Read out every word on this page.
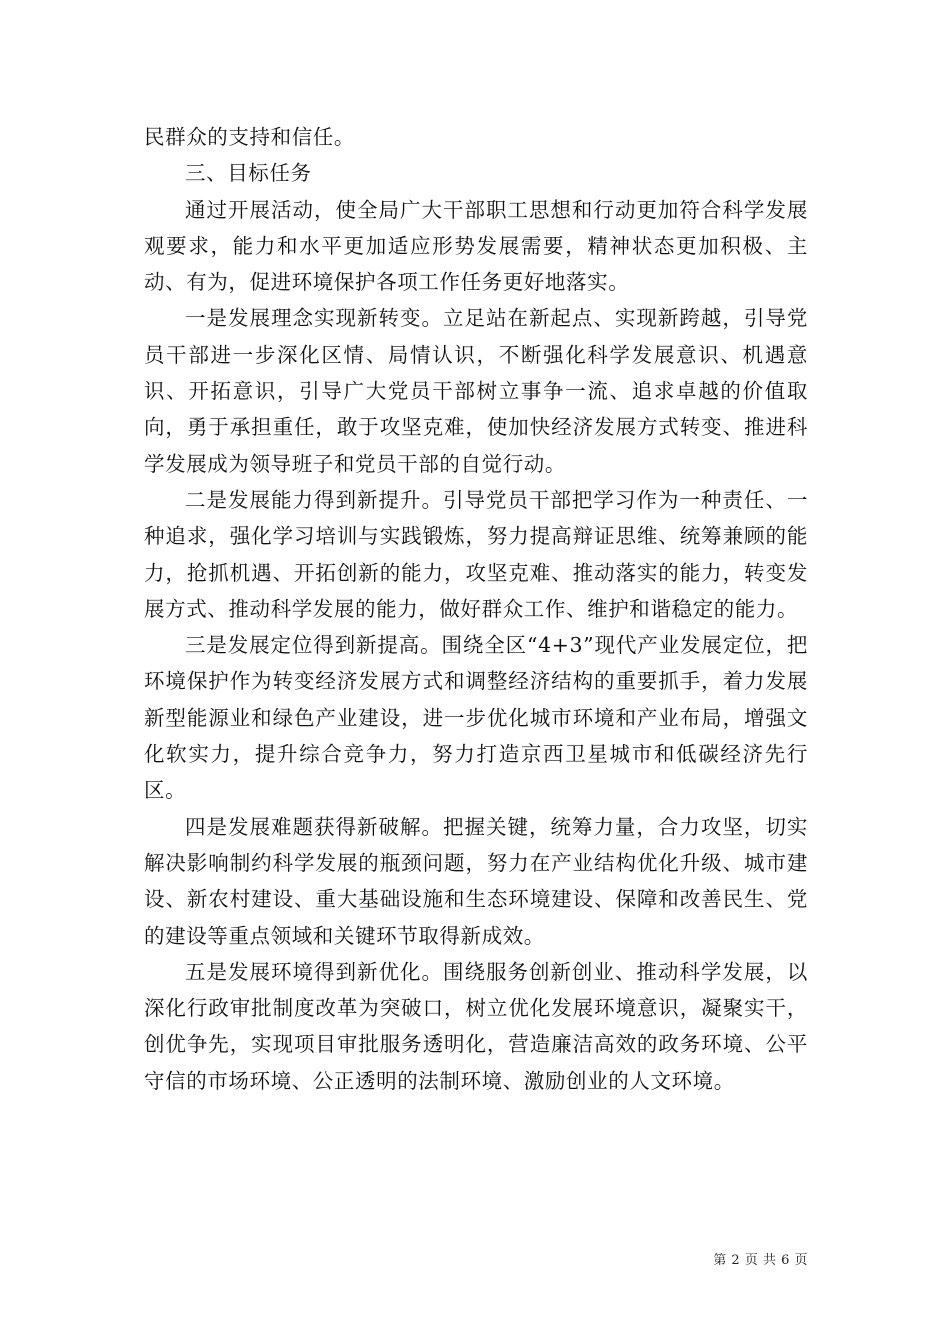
民群众的支持和信任。

三、目标任务

通过开展活动，使全局广大干部职工思想和行动更加符合科学发展观要求，能力和水平更加适应形势发展需要，精神状态更加积极、主动、有为，促进环境保护各项工作任务更好地落实。

一是发展理念实现新转变。立足站在新起点、实现新跨越，引导党员干部进一步深化区情、局情认识，不断强化科学发展意识、机遇意识、开拓意识，引导广大党员干部树立事争一流、追求卓越的价值取向，勇于承担重任，敢于攻坚克难，使加快经济发展方式转变、推进科学发展成为领导班子和党员干部的自觉行动。

二是发展能力得到新提升。引导党员干部把学习作为一种责任、一种追求，强化学习培训与实践锻炼，努力提高辩证思维、统筹兼顾的能力，抢抓机遇、开拓创新的能力，攻坚克难、推动落实的能力，转变发展方式、推动科学发展的能力，做好群众工作、维护和谐稳定的能力。

三是发展定位得到新提高。围绕全区“4+3”现代产业发展定位，把环境保护作为转变经济发展方式和调整经济结构的重要抓手，着力发展新型能源业和绿色产业建设，进一步优化城市环境和产业布局，增强文化软实力，提升综合竞争力，努力打造京西卫星城市和低碳经济先行区。

四是发展难题获得新破解。把握关键，统筹力量，合力攻坚，切实解决影响制约科学发展的瓶颈问题，努力在产业结构优化升级、城市建设、新农村建设、重大基础设施和生态环境建设、保障和改善民生、党的建设等重点领域和关键环节取得新成效。

五是发展环境得到新优化。围绕服务创新创业、推动科学发展，以深化行政审批制度改革为突破口，树立优化发展环境意识，凝聚实干，创优争先，实现项目审批服务透明化，营造廉洁高效的政务环境、公平守信的市场环境、公正透明的法制环境、激励创业的人文环境。

第 2 页 共 6 页
